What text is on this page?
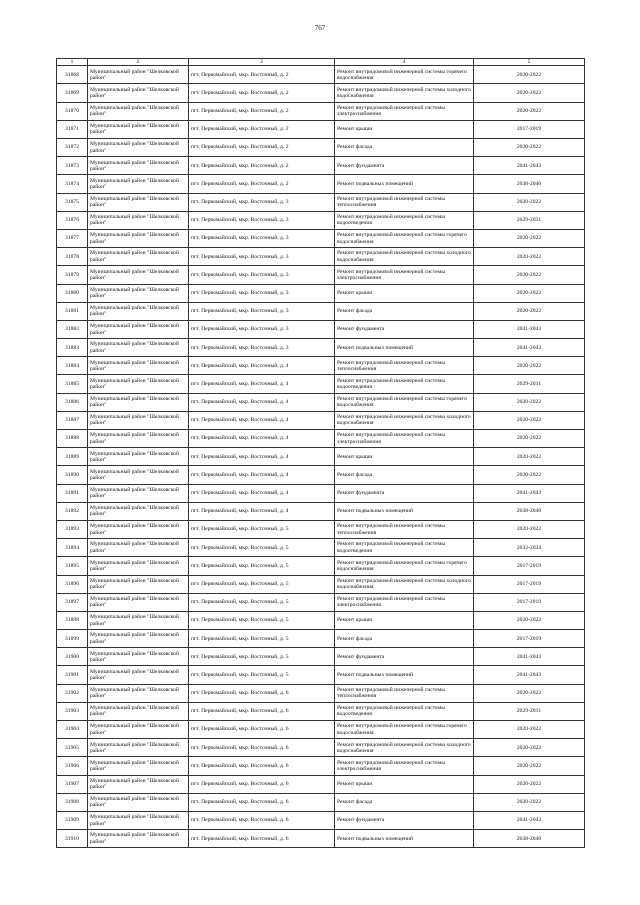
767
1	2	3	4	5
31868	Муниципальный район "Шелковской район"	пгт. Первомайский, мкр. Восточный, д. 2	Ремонт внутридомовой инженерной системы горячего водоснабжения	2020-2022
31869	Муниципальный район "Шелковской район"	пгт. Первомайский, мкр. Восточный, д. 2	Ремонт внутридомовой инженерной системы холодного водоснабжения	2020-2022
31870	Муниципальный район "Шелковской район"	пгт. Первомайский, мкр. Восточный, д. 2	Ремонт внутридомовой инженерной системы электроснабжения	2020-2022
31871	Муниципальный район "Шелковской район"	пгт. Первомайский, мкр. Восточный, д. 2	Ремонт крыши	2017-2019
31872	Муниципальный район "Шелковской район"	пгт. Первомайский, мкр. Восточный, д. 2	Ремонт фасада	2020-2022
31873	Муниципальный район "Шелковской район"	пгт. Первомайский, мкр. Восточный, д. 2	Ремонт фундамента	2041-2043
31874	Муниципальный район "Шелковской район"	пгт. Первомайский, мкр. Восточный, д. 2	Ремонт подвальных помещений	2038-2040
31875	Муниципальный район "Шелковской район"	пгт. Первомайский, мкр. Восточный, д. 3	Ремонт внутридомовой инженерной системы теплоснабжения	2020-2022
31876	Муниципальный район "Шелковской район"	пгт. Первомайский, мкр. Восточный, д. 3	Ремонт внутридомовой инженерной системы водоотведения	2029-2031
31877	Муниципальный район "Шелковской район"	пгт. Первомайский, мкр. Восточный, д. 3	Ремонт внутридомовой инженерной системы горячего водоснабжения	2020-2022
31878	Муниципальный район "Шелковской район"	пгт. Первомайский, мкр. Восточный, д. 3	Ремонт внутридомовой инженерной системы холодного водоснабжения	2020-2022
31879	Муниципальный район "Шелковской район"	пгт. Первомайский, мкр. Восточный, д. 3	Ремонт внутридомовой инженерной системы электроснабжения	2020-2022
31880	Муниципальный район "Шелковской район"	пгт. Первомайский, мкр. Восточный, д. 3	Ремонт крыши	2020-2022
31881	Муниципальный район "Шелковской район"	пгт. Первомайский, мкр. Восточный, д. 3	Ремонт фасада	2020-2022
31882	Муниципальный район "Шелковской район"	пгт. Первомайский, мкр. Восточный, д. 3	Ремонт фундамента	2041-2043
31883	Муниципальный район "Шелковской район"	пгт. Первомайский, мкр. Восточный, д. 3	Ремонт подвальных помещений	2041-2043
31884	Муниципальный район "Шелковской район"	пгт. Первомайский, мкр. Восточный, д. 4	Ремонт внутридомовой инженерной системы теплоснабжения	2020-2022
31885	Муниципальный район "Шелковской район"	пгт. Первомайский, мкр. Восточный, д. 4	Ремонт внутридомовой инженерной системы водоотведения	2029-2031
31886	Муниципальный район "Шелковской район"	пгт. Первомайский, мкр. Восточный, д. 4	Ремонт внутридомовой инженерной системы горячего водоснабжения	2020-2022
31887	Муниципальный район "Шелковской район"	пгт. Первомайский, мкр. Восточный, д. 4	Ремонт внутридомовой инженерной системы холодного водоснабжения	2020-2022
31888	Муниципальный район "Шелковской район"	пгт. Первомайский, мкр. Восточный, д. 4	Ремонт внутридомовой инженерной системы электроснабжения	2020-2022
31889	Муниципальный район "Шелковской район"	пгт. Первомайский, мкр. Восточный, д. 4	Ремонт крыши	2020-2022
31890	Муниципальный район "Шелковской район"	пгт. Первомайский, мкр. Восточный, д. 4	Ремонт фасада	2020-2022
31891	Муниципальный район "Шелковской район"	пгт. Первомайский, мкр. Восточный, д. 4	Ремонт фундамента	2041-2043
31892	Муниципальный район "Шелковской район"	пгт. Первомайский, мкр. Восточный, д. 4	Ремонт подвальных помещений	2038-2040
31893	Муниципальный район "Шелковской район"	пгт. Первомайский, мкр. Восточный, д. 5	Ремонт внутридомовой инженерной системы теплоснабжения	2020-2022
31894	Муниципальный район "Шелковской район"	пгт. Первомайский, мкр. Восточный, д. 5	Ремонт внутридомовой инженерной системы водоотведения	2032-2034
31895	Муниципальный район "Шелковской район"	пгт. Первомайский, мкр. Восточный, д. 5	Ремонт внутридомовой инженерной системы горячего водоснабжения	2017-2019
31896	Муниципальный район "Шелковской район"	пгт. Первомайский, мкр. Восточный, д. 5	Ремонт внутридомовой инженерной системы холодного водоснабжения	2017-2019
31897	Муниципальный район "Шелковской район"	пгт. Первомайский, мкр. Восточный, д. 5	Ремонт внутридомовой инженерной системы электроснабжения	2017-2019
31898	Муниципальный район "Шелковской район"	пгт. Первомайский, мкр. Восточный, д. 5	Ремонт крыши	2020-2022
31899	Муниципальный район "Шелковской район"	пгт. Первомайский, мкр. Восточный, д. 5	Ремонт фасада	2017-2019
31900	Муниципальный район "Шелковской район"	пгт. Первомайский, мкр. Восточный, д. 5	Ремонт фундамента	2041-2043
31901	Муниципальный район "Шелковской район"	пгт. Первомайский, мкр. Восточный, д. 5	Ремонт подвальных помещений	2041-2043
31902	Муниципальный район "Шелковской район"	пгт. Первомайский, мкр. Восточный, д. 6	Ремонт внутридомовой инженерной системы теплоснабжения	2020-2022
31903	Муниципальный район "Шелковской район"	пгт. Первомайский, мкр. Восточный, д. 6	Ремонт внутридомовой инженерной системы водоотведения	2029-2031
31904	Муниципальный район "Шелковской район"	пгт. Первомайский, мкр. Восточный, д. 6	Ремонт внутридомовой инженерной системы горячего водоснабжения	2020-2022
31905	Муниципальный район "Шелковской район"	пгт. Первомайский, мкр. Восточный, д. 6	Ремонт внутридомовой инженерной системы холодного водоснабжения	2020-2022
31906	Муниципальный район "Шелковской район"	пгт. Первомайский, мкр. Восточный, д. 6	Ремонт внутридомовой инженерной системы электроснабжения	2020-2022
31907	Муниципальный район "Шелковской район"	пгт. Первомайский, мкр. Восточный, д. 6	Ремонт крыши	2020-2022
31908	Муниципальный район "Шелковской район"	пгт. Первомайский, мкр. Восточный, д. 6	Ремонт фасада	2020-2022
31909	Муниципальный район "Шелковской район"	пгт. Первомайский, мкр. Восточный, д. 6	Ремонт фундамента	2041-2043
31910	Муниципальный район "Шелковской район"	пгт. Первомайский, мкр. Восточный, д. 6	Ремонт подвальных помещений	2038-2040
